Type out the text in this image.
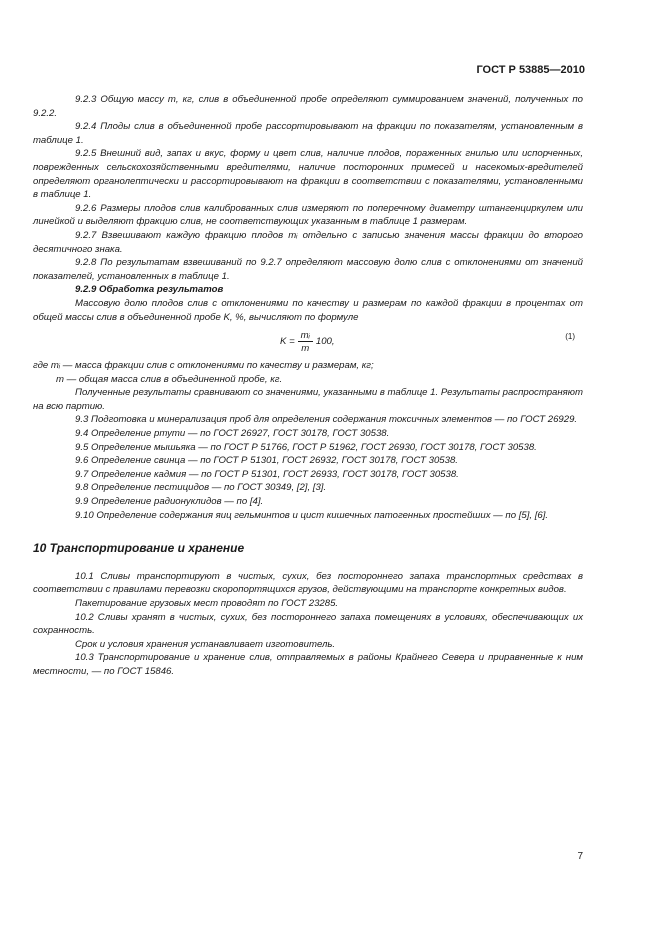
ГОСТ Р 53885—2010

9.2.3 Общую массу m, кг, слив в объединенной пробе определяют суммированием значений, полученных по 9.2.2.

9.2.4 Плоды слив в объединенной пробе рассортировывают на фракции по показателям, установленным в таблице 1.

9.2.5 Внешний вид, запах и вкус, форму и цвет слив, наличие плодов, пораженных гнилью или испорченных, поврежденных сельскохозяйственными вредителями, наличие посторонних примесей и насекомых-вредителей определяют органолептически и рассортировывают на фракции в соответствии с показателями, установленными в таблице 1.

9.2.6 Размеры плодов слив калиброванных слив измеряют по поперечному диаметру штангенциркулем или линейкой и выделяют фракцию слив, не соответствующих указанным в таблице 1 размерам.

9.2.7 Взвешивают каждую фракцию плодов mᵢ отдельно с записью значения массы фракции до второго десятичного знака.

9.2.8 По результатам взвешиваний по 9.2.7 определяют массовую долю слив с отклонениями от значений показателей, установленных в таблице 1.

9.2.9 Обработка результатов

Массовую долю плодов слив с отклонениями по качеству и размерам по каждой фракции в процентах от общей массы слив в объединенной пробе K, %, вычисляют по формуле

$K = \frac{\text{mᵢ}}{m} 100$,	(1)

где mᵢ — масса фракции слив с отклонениями по качеству и размерам, кг;

m — общая масса слив в объединенной пробе, кг.

Полученные результаты сравнивают со значениями, указанными в таблице 1. Результаты распространяют на всю партию.

9.3 Подготовка и минерализация проб для определения содержания токсичных элементов — по ГОСТ 26929.

9.4 Определение ртути — по ГОСТ 26927, ГОСТ 30178, ГОСТ 30538.

9.5 Определение мышьяка — по ГОСТ Р 51766, ГОСТ Р 51962, ГОСТ 26930, ГОСТ 30178, ГОСТ 30538.

9.6 Определение свинца — по ГОСТ Р 51301, ГОСТ 26932, ГОСТ 30178, ГОСТ 30538.

9.7 Определение кадмия — по ГОСТ Р 51301, ГОСТ 26933, ГОСТ 30178, ГОСТ 30538.

9.8 Определение пестицидов — по ГОСТ 30349, [2], [3].

9.9 Определение радионуклидов — по [4].

9.10 Определение содержания яиц гельминтов и цист кишечных патогенных простейших — по [5], [6].

10 Транспортирование и хранение

10.1 Сливы транспортируют в чистых, сухих, без постороннего запаха транспортных средствах в соответствии с правилами перевозки скоропортящихся грузов, действующими на транспорте конкретных видов.

Пакетирование грузовых мест проводят по ГОСТ 23285.

10.2 Сливы хранят в чистых, сухих, без постороннего запаха помещениях в условиях, обеспечивающих их сохранность.

Срок и условия хранения устанавливает изготовитель.

10.3 Транспортирование и хранение слив, отправляемых в районы Крайнего Севера и приравненные к ним местности, — по ГОСТ 15846.

7
